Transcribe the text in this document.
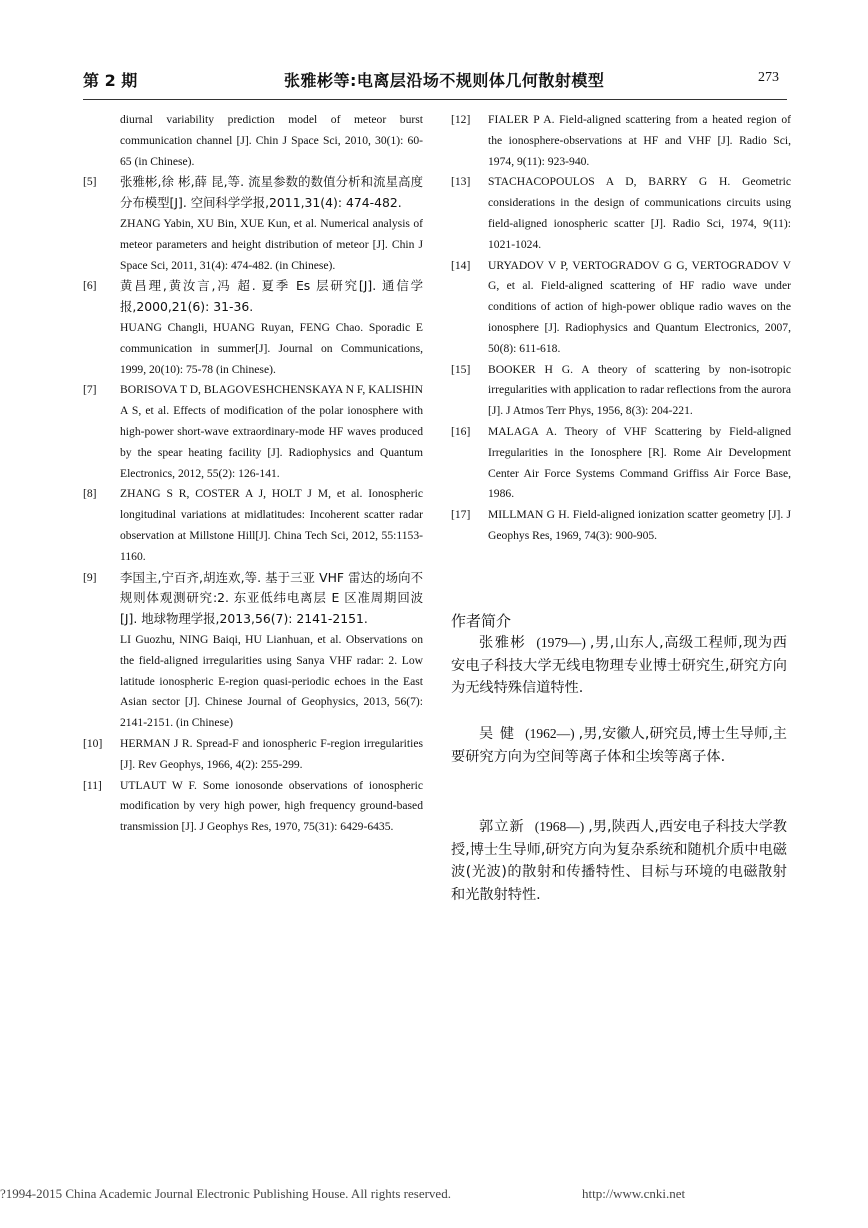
第 2 期	张雅彬等:电离层沿场不规则体几何散射模型	273

diurnal variability prediction model of meteor burst communication channel [J]. Chin J Space Sci, 2010, 30(1): 60-65 (in Chinese).

[5]	张雅彬,徐 彬,薛 昆,等. 流星参数的数值分析和流星高度分布模型[J]. 空间科学学报,2011,31(4): 474-482.

ZHANG Yabin, XU Bin, XUE Kun, et al. Numerical analysis of meteor parameters and height distribution of meteor [J]. Chin J Space Sci, 2011, 31(4): 474-482. (in Chinese).

[6]	黄昌理,黄汝言,冯 超. 夏季 Es 层研究[J]. 通信学报,2000,21(6): 31-36.

HUANG Changli, HUANG Ruyan, FENG Chao. Sporadic E communication in summer[J]. Journal on Communications, 1999, 20(10): 75-78 (in Chinese).

[7]	BORISOVA T D, BLAGOVESHCHENSKAYA N F, KALISHIN A S, et al. Effects of modification of the polar ionosphere with high-power short-wave extraordinary-mode HF waves produced by the spear heating facility [J]. Radiophysics and Quantum Electronics, 2012, 55(2): 126-141.

[8]	ZHANG S R, COSTER A J, HOLT J M, et al. Ionospheric longitudinal variations at midlatitudes: Incoherent scatter radar observation at Millstone Hill[J]. China Tech Sci, 2012, 55:1153-1160.

[9]	李国主,宁百齐,胡连欢,等. 基于三亚 VHF 雷达的场向不规则体观测研究:2. 东亚低纬电离层 E 区准周期回波 [J]. 地球物理学报,2013,56(7): 2141-2151.

LI Guozhu, NING Baiqi, HU Lianhuan, et al. Observations on the field-aligned irregularities using Sanya VHF radar: 2. Low latitude ionospheric E-region quasi-periodic echoes in the East Asian sector [J]. Chinese Journal of Geophysics, 2013, 56(7): 2141-2151. (in Chinese)

[10]	HERMAN J R. Spread-F and ionospheric F-region irregularities [J]. Rev Geophys, 1966, 4(2): 255-299.

[11]	UTLAUT W F. Some ionosonde observations of ionospheric modification by very high power, high frequency ground-based transmission [J]. J Geophys Res, 1970, 75(31): 6429-6435.

[12]	FIALER P A. Field-aligned scattering from a heated region of the ionosphere-observations at HF and VHF [J]. Radio Sci, 1974, 9(11): 923-940.

[13]	STACHACOPOULOS A D, BARRY G H. Geometric considerations in the design of communications circuits using field-aligned ionospheric scatter [J]. Radio Sci, 1974, 9(11): 1021-1024.

[14]	URYADOV V P, VERTOGRADOV G G, VERTOGRADOV V G, et al. Field-aligned scattering of HF radio wave under conditions of action of high-power oblique radio waves on the ionosphere [J]. Radiophysics and Quantum Electronics, 2007, 50(8): 611-618.

[15]	BOOKER H G. A theory of scattering by non-isotropic irregularities with application to radar reflections from the aurora [J]. J Atmos Terr Phys, 1956, 8(3): 204-221.

[16]	MALAGA A. Theory of VHF Scattering by Field-aligned Irregularities in the Ionosphere [R]. Rome Air Development Center Air Force Systems Command Griffiss Air Force Base, 1986.

[17]	MILLMAN G H. Field-aligned ionization scatter geometry [J]. J Geophys Res, 1969, 74(3): 900-905.

作者简介

张雅彬 (1979—) ,男,山东人,高级工程师,现为西安电子科技大学无线电物理专业博士研究生,研究方向为无线特殊信道特性.

吴 健 (1962—) ,男,安徽人,研究员,博士生导师,主要研究方向为空间等离子体和尘埃等离子体.

郭立新 (1968—) ,男,陕西人,西安电子科技大学教授,博士生导师,研究方向为复杂系统和随机介质中电磁波(光波)的散射和传播特性、目标与环境的电磁散射和光散射特性.

?1994-2015 China Academic Journal Electronic Publishing House. All rights reserved.	http://www.cnki.net
